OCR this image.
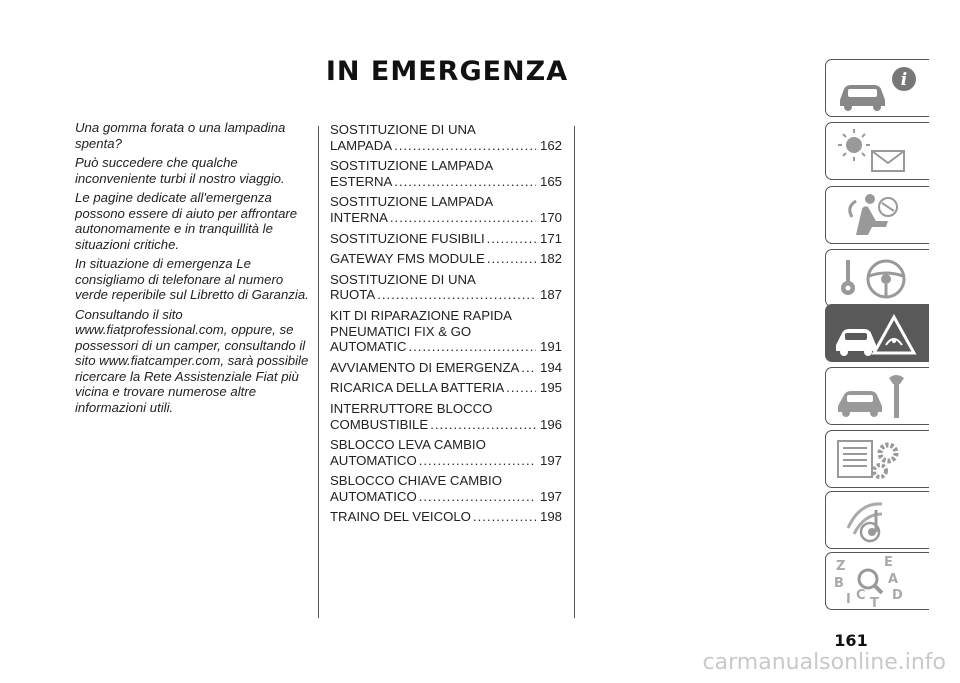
IN EMERGENZA

Una gomma forata o una lampadina spenta?

Può succedere che qualche inconveniente turbi il nostro viaggio.

Le pagine dedicate all'emergenza possono essere di aiuto per affrontare autonomamente e in tranquillità le situazioni critiche.

In situazione di emergenza Le consigliamo di telefonare al numero verde reperibile sul Libretto di Garanzia.

Consultando il sito www.fiatprofessional.com, oppure, se possessori di un camper, consultando il sito www.fiatcamper.com, sarà possibile ricercare la Rete Assistenziale Fiat più vicina e trovare numerose altre informazioni utili.

SOSTITUZIONE DI UNA
LAMPADA .....	162
SOSTITUZIONE LAMPADA
ESTERNA .....	165
SOSTITUZIONE LAMPADA
INTERNA .....	170
SOSTITUZIONE FUSIBILI .....	171
GATEWAY FMS MODULE .....	182
SOSTITUZIONE DI UNA
RUOTA .....	187
KIT DI RIPARAZIONE RAPIDA
PNEUMATICI FIX & GO
AUTOMATIC .....	191
AVVIAMENTO DI EMERGENZA ..... 194
RICARICA DELLA BATTERIA .....	195
INTERRUTTORE BLOCCO
COMBUSTIBILE .....	196
SBLOCCO LEVA CAMBIO
AUTOMATICO .....	197
SBLOCCO CHIAVE CAMBIO
AUTOMATICO .....	197
TRAINO DEL VEICOLO .....	198
i
Z	E
B	A
I C
T
D
161
carmanualsonline.info
